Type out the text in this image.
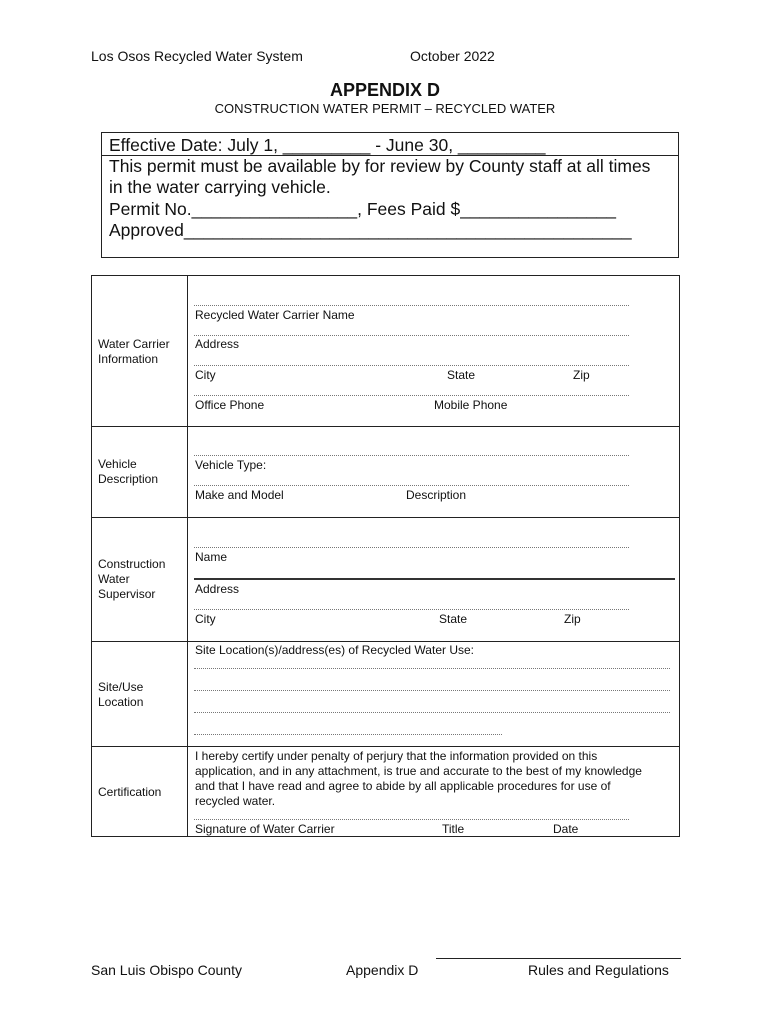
Los Osos Recycled Water System	October 2022
APPENDIX D
CONSTRUCTION WATER PERMIT – RECYCLED WATER
Effective Date: July 1, _________ - June 30, _________
This permit must be available by for review by County staff at all times
in the water carrying vehicle.
Permit No._________________, Fees Paid $________________
Approved______________________________________________
Water Carrier
Information
Recycled Water Carrier Name
Address
City	State	Zip
Office Phone	Mobile Phone
Vehicle
Description
Vehicle Type:
Make and Model	Description
Construction
Water
Supervisor
Name
Address
City	State	Zip
Site/Use
Location
Site Location(s)/address(es) of Recycled Water Use:
Certification
I hereby certify under penalty of perjury that the information provided on this
application, and in any attachment, is true and accurate to the best of my knowledge
and that I have read and agree to abide by all applicable procedures for use of
recycled water.
Signature of Water Carrier	Title	Date
San Luis Obispo County	Appendix D	Rules and Regulations
